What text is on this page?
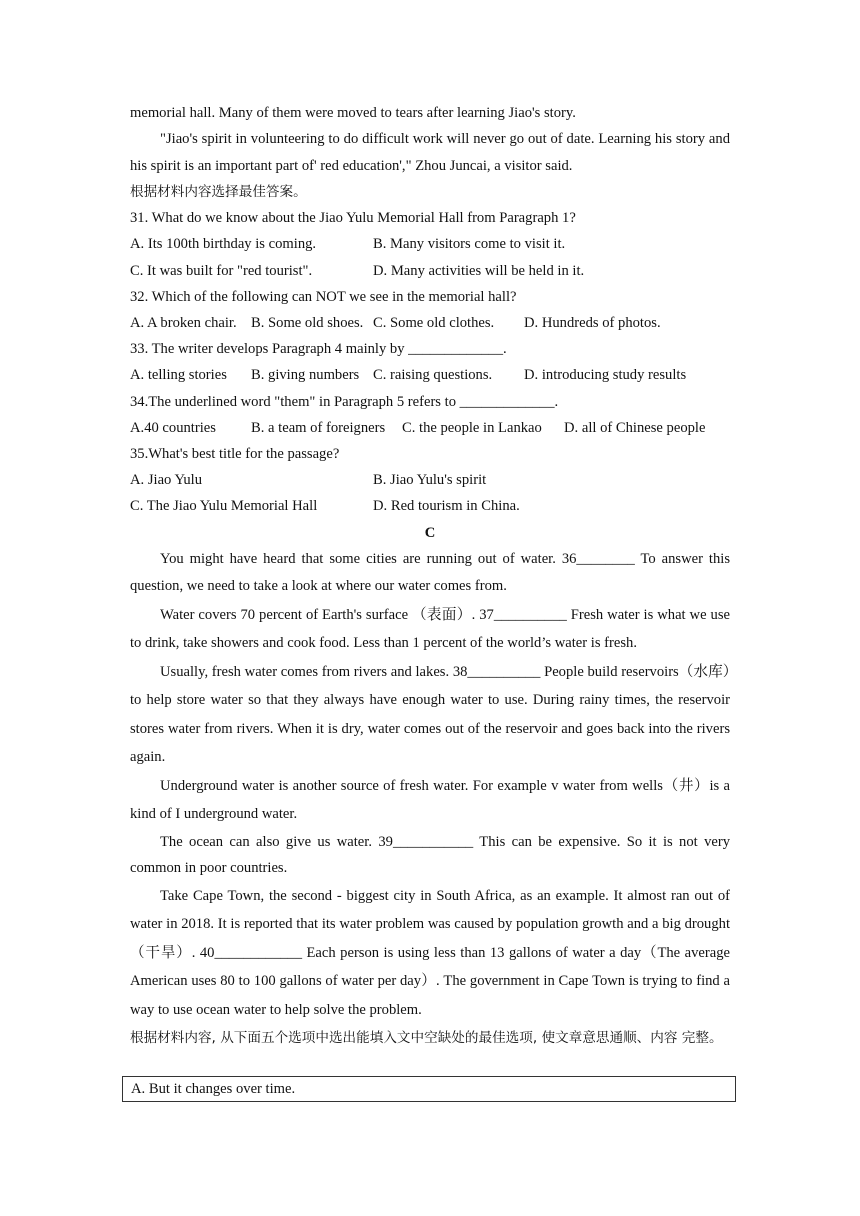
memorial hall. Many of them were moved to tears after learning Jiao's story.

"Jiao's spirit in volunteering to do difficult work will never go out of date. Learning his story and his spirit is an important part of' red education'," Zhou Juncai, a visitor said.

根据材料内容选择最佳答案。

31. What do we know about the Jiao Yulu Memorial Hall from Paragraph 1?
A. Its 100th birthday is coming.	B. Many visitors come to visit it.
C. It was built for "red tourist".	D. Many activities will be held in it.
32. Which of the following can NOT we see in the memorial hall?
A. A broken chair. B. Some old shoes. C. Some old clothes.	D. Hundreds of photos.
33. The writer develops Paragraph 4 mainly by _____________.
A. telling stories	B. giving numbers C. raising questions.	D. introducing study results
34.The underlined word "them" in Paragraph 5 refers to _____________.
A.40 countries	B. a team of foreigners	C. the people in Lankao	D. all of Chinese people
35.What's best title for the passage?
A. Jiao Yulu	B. Jiao Yulu's spirit
C. The Jiao Yulu Memorial Hall	D. Red tourism in China.

C

You might have heard that some cities are running out of water. 36________ To answer this question, we need to take a look at where our water comes from.

Water covers 70 percent of Earth's surface （表面）. 37__________ Fresh water is what we use to drink, take showers and cook food. Less than 1 percent of the world’s water is fresh.

Usually, fresh water comes from rivers and lakes. 38__________ People build reservoirs（水库）to help store water so that they always have enough water to use. During rainy times, the reservoir stores water from rivers. When it is dry, water comes out of the reservoir and goes back into the rivers again.

Underground water is another source of fresh water. For example v water from wells（井）is a kind of I underground water.

The ocean can also give us water. 39___________ This can be expensive. So it is not very common in poor countries.

Take Cape Town, the second - biggest city in South Africa, as an example. It almost ran out of water in 2018. It is reported that its water problem was caused by population growth and a big drought（干旱）. 40____________ Each person is using less than 13 gallons of water a day（The average American uses 80 to 100 gallons of water per day）. The government in Cape Town is trying to find a way to use ocean water to help solve the problem.

根据材料内容, 从下面五个选项中选出能填入文中空缺处的最佳选项, 使文章意思通顺、内容 完整。

A. But it changes over time.
